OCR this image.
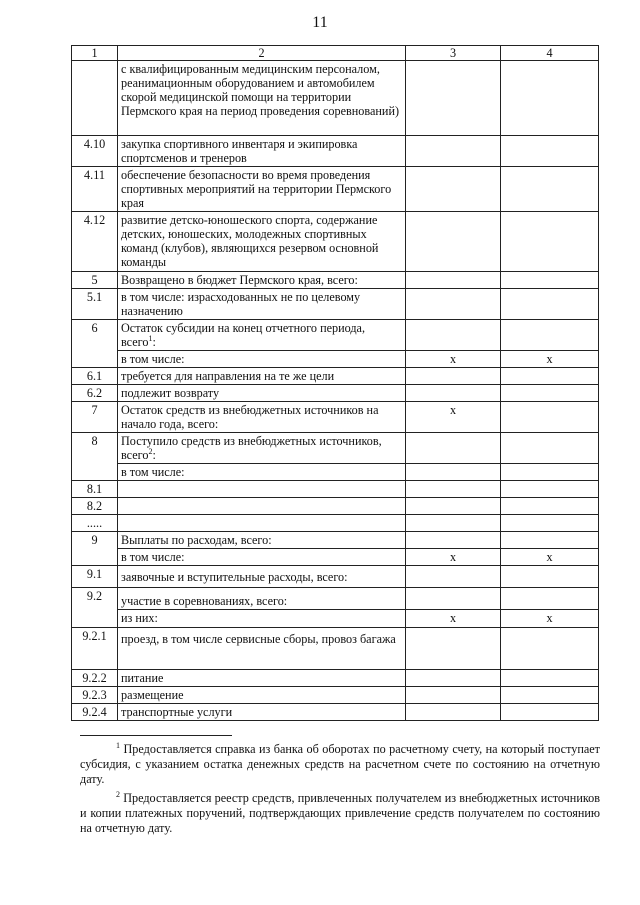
11
1	2	3	4
	с квалифицированным медицинским персоналом, реанимационным оборудованием и автомобилем скорой медицинской помощи на территории Пермского края на период проведения соревнований)		
4.10	закупка спортивного инвентаря и экипировка спортсменов и тренеров		
4.11	обеспечение безопасности во время проведения спортивных мероприятий на территории Пермского края		
4.12	развитие детско-юношеского спорта, содержание детских, юношеских, молодежных спортивных команд (клубов), являющихся резервом основной команды		
5	Возвращено в бюджет Пермского края, всего:		
5.1	в том числе: израсходованных не по целевому назначению		
6	Остаток субсидии на конец отчетного периода, всего$^1$:		
	в том числе:	x	x
6.1	требуется для направления на те же цели		
6.2	подлежит возврату		
7	Остаток средств из внебюджетных источников на начало года, всего:	x	
8	Поступило средств из внебюджетных источников, всего$^2$:		
	в том числе:		
8.1			
8.2			
.....			
9	Выплаты по расходам, всего:		
	в том числе:	x	x
9.1	заявочные и вступительные расходы, всего:		
9.2	участие в соревнованиях, всего:		
	из них:	x	x
9.2.1	проезд, в том числе сервисные сборы, провоз багажа		
9.2.2	питание		
9.2.3	размещение		
9.2.4	транспортные услуги		
$^1$ Предоставляется справка из банка об оборотах по расчетному счету, на который поступает субсидия, с указанием остатка денежных средств на расчетном счете по состоянию на отчетную дату.
$^2$ Предоставляется реестр средств, привлеченных получателем из внебюджетных источников и копии платежных поручений, подтверждающих привлечение средств получателем по состоянию на отчетную дату.
